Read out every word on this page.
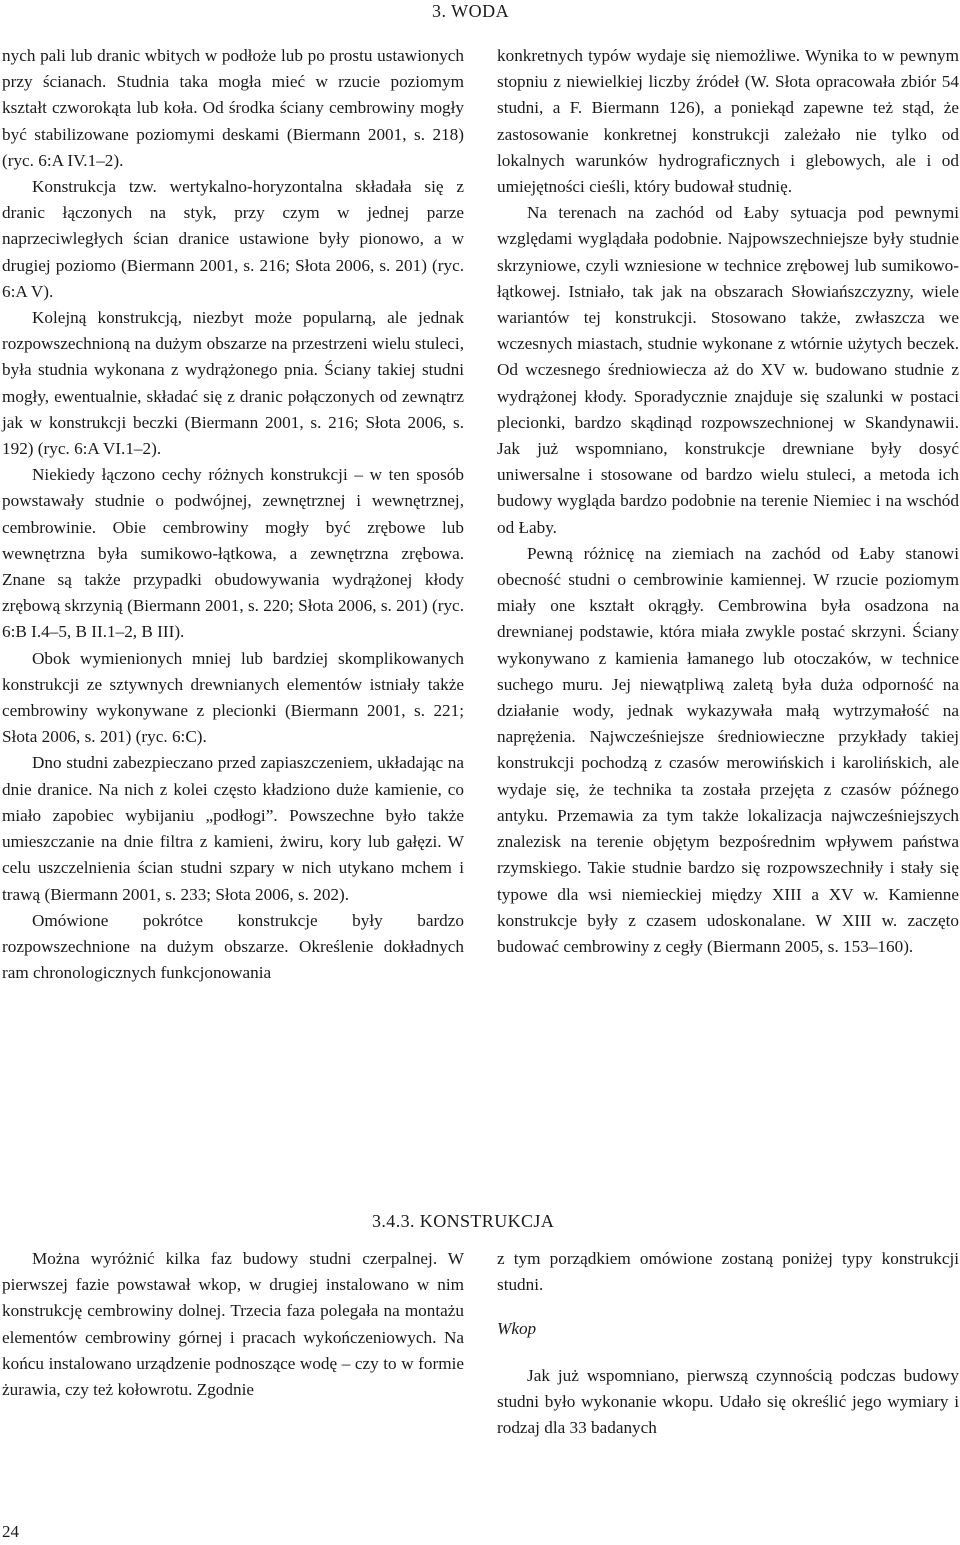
3. WODA

nych pali lub dranic wbitych w podłoże lub po prostu ustawionych przy ścianach. Studnia taka mogła mieć w rzucie poziomym kształt czworokąta lub koła. Od środka ściany cembrowiny mogły być stabilizowane poziomymi deskami (Biermann 2001, s. 218) (ryc. 6:A IV.1–2).

Konstrukcja tzw. wertykalno-horyzontalna składała się z dranic łączonych na styk, przy czym w jednej parze naprzeciwległych ścian dranice ustawione były pionowo, a w drugiej poziomo (Biermann 2001, s. 216; Słota 2006, s. 201) (ryc. 6:A V).

Kolejną konstrukcją, niezbyt może popularną, ale jednak rozpowszechnioną na dużym obszarze na przestrzeni wielu stuleci, była studnia wykonana z wydrążonego pnia. Ściany takiej studni mogły, ewentualnie, składać się z dranic połączonych od zewnątrz jak w konstrukcji beczki (Biermann 2001, s. 216; Słota 2006, s. 192) (ryc. 6:A VI.1–2).

Niekiedy łączono cechy różnych konstrukcji – w ten sposób powstawały studnie o podwójnej, zewnętrznej i wewnętrznej, cembrowinie. Obie cembrowiny mogły być zrębowe lub wewnętrzna była sumikowo-łątkowa, a zewnętrzna zrębowa. Znane są także przypadki obudowywania wydrążonej kłody zrębową skrzynią (Biermann 2001, s. 220; Słota 2006, s. 201) (ryc. 6:B I.4–5, B II.1–2, B III).

Obok wymienionych mniej lub bardziej skomplikowanych konstrukcji ze sztywnych drewnianych elementów istniały także cembrowiny wykonywane z plecionki (Biermann 2001, s. 221; Słota 2006, s. 201) (ryc. 6:C).

Dno studni zabezpieczano przed zapiaszczeniem, układając na dnie dranice. Na nich z kolei często kładziono duże kamienie, co miało zapobiec wybijaniu „podłogi”. Powszechne było także umieszczanie na dnie filtra z kamieni, żwiru, kory lub gałęzi. W celu uszczelnienia ścian studni szpary w nich utykano mchem i trawą (Biermann 2001, s. 233; Słota 2006, s. 202).

Omówione pokrótce konstrukcje były bardzo rozpowszechnione na dużym obszarze. Określenie dokładnych ram chronologicznych funkcjonowania

konkretnych typów wydaje się niemożliwe. Wynika to w pewnym stopniu z niewielkiej liczby źródeł (W. Słota opracowała zbiór 54 studni, a F. Biermann 126), a poniekąd zapewne też stąd, że zastosowanie konkretnej konstrukcji zależało nie tylko od lokalnych warunków hydrograficznych i glebowych, ale i od umiejętności cieśli, który budował studnię.

Na terenach na zachód od Łaby sytuacja pod pewnymi względami wyglądała podobnie. Najpowszechniejsze były studnie skrzyniowe, czyli wzniesione w technice zrębowej lub sumikowo-łątkowej. Istniało, tak jak na obszarach Słowiańszczyzny, wiele wariantów tej konstrukcji. Stosowano także, zwłaszcza we wczesnych miastach, studnie wykonane z wtórnie użytych beczek. Od wczesnego średniowiecza aż do XV w. budowano studnie z wydrążonej kłody. Sporadycznie znajduje się szalunki w postaci plecionki, bardzo skądinąd rozpowszechnionej w Skandynawii. Jak już wspomniano, konstrukcje drewniane były dosyć uniwersalne i stosowane od bardzo wielu stuleci, a metoda ich budowy wygląda bardzo podobnie na terenie Niemiec i na wschód od Łaby.

Pewną różnicę na ziemiach na zachód od Łaby stanowi obecność studni o cembrowinie kamiennej. W rzucie poziomym miały one kształt okrągły. Cembrowina była osadzona na drewnianej podstawie, która miała zwykle postać skrzyni. Ściany wykonywano z kamienia łamanego lub otoczaków, w technice suchego muru. Jej niewątpliwą zaletą była duża odporność na działanie wody, jednak wykazywała małą wytrzymałość na naprężenia. Najwcześniejsze średniowieczne przykłady takiej konstrukcji pochodzą z czasów merowińskich i karolińskich, ale wydaje się, że technika ta została przejęta z czasów późnego antyku. Przemawia za tym także lokalizacja najwcześniejszych znalezisk na terenie objętym bezpośrednim wpływem państwa rzymskiego. Takie studnie bardzo się rozpowszechniły i stały się typowe dla wsi niemieckiej między XIII a XV w. Kamienne konstrukcje były z czasem udoskonalane. W XIII w. zaczęto budować cembrowiny z cegły (Biermann 2005, s. 153–160).

3.4.3. KONSTRUKCJA

Można wyróżnić kilka faz budowy studni czerpalnej. W pierwszej fazie powstawał wkop, w drugiej instalowano w nim konstrukcję cembrowiny dolnej. Trzecia faza polegała na montażu elementów cembrowiny górnej i pracach wykończeniowych. Na końcu instalowano urządzenie podnoszące wodę – czy to w formie żurawia, czy też kołowrotu. Zgodnie

z tym porządkiem omówione zostaną poniżej typy konstrukcji studni.

Wkop

Jak już wspomniano, pierwszą czynnością podczas budowy studni było wykonanie wkopu. Udało się określić jego wymiary i rodzaj dla 33 badanych

24
